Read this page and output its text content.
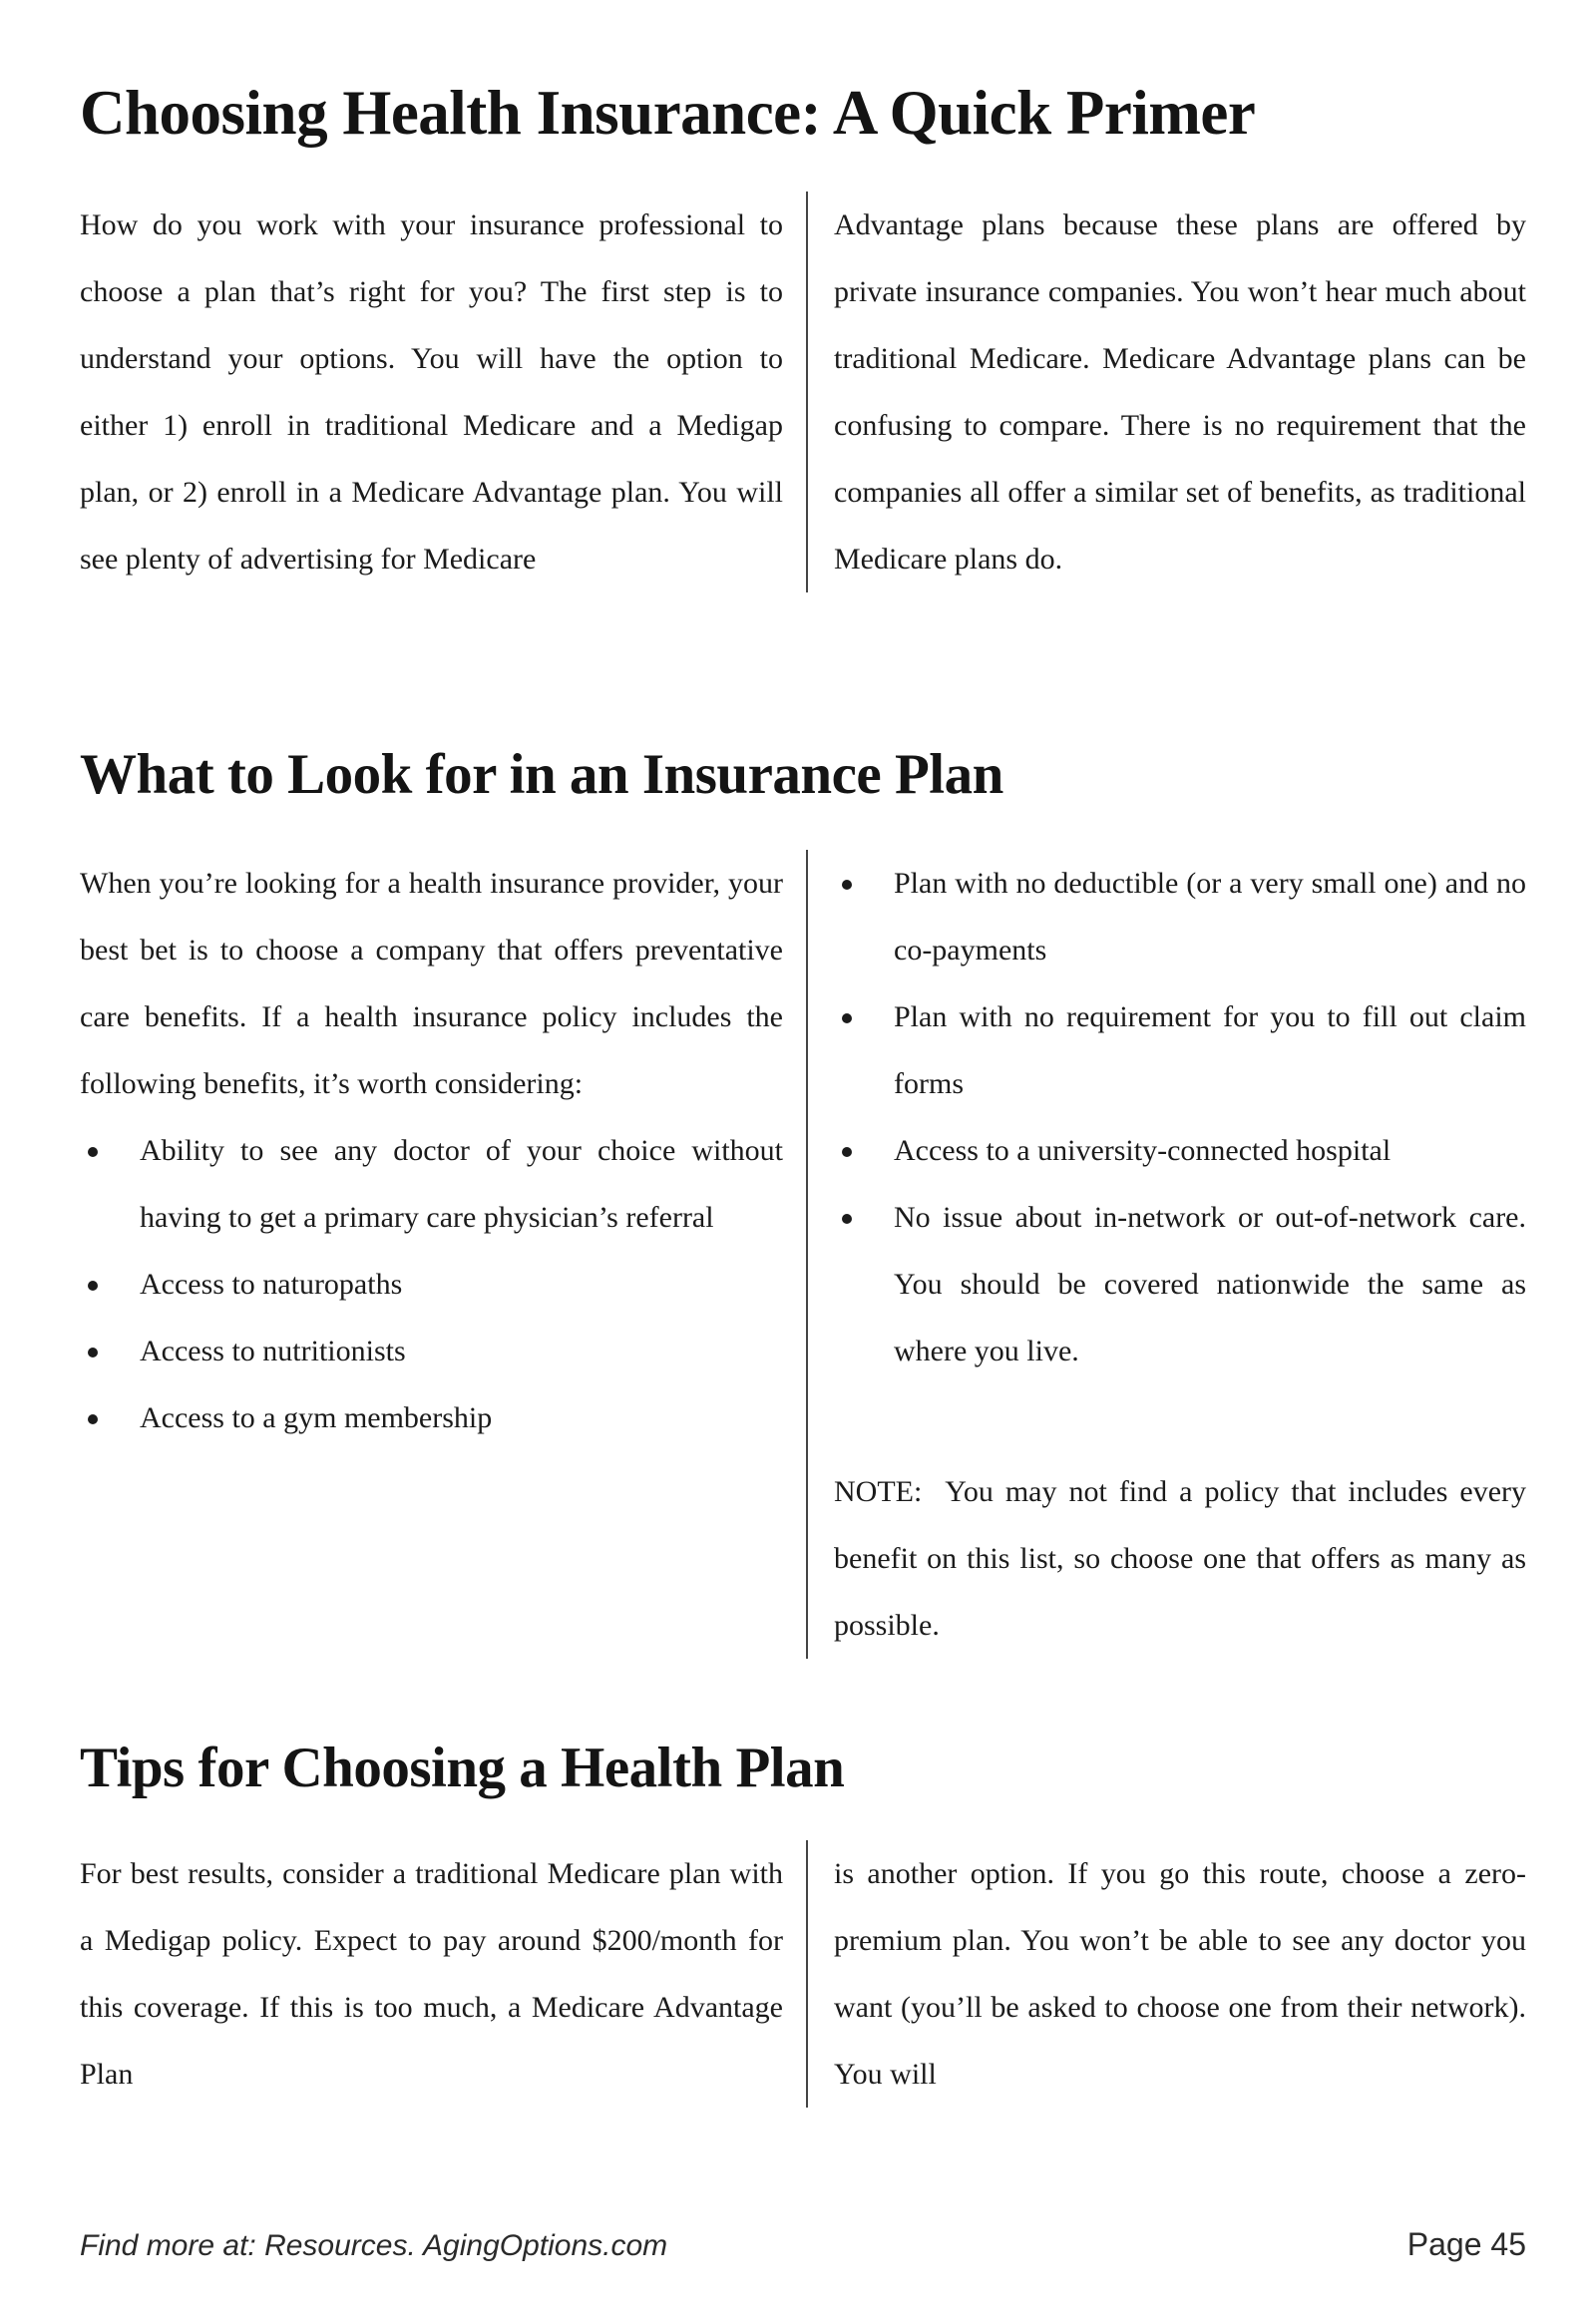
Choosing Health Insurance: A Quick Primer

How do you work with your insurance professional to choose a plan that’s right for you? The first step is to understand your options. You will have the option to either 1) enroll in traditional Medicare and a Medigap plan, or 2) enroll in a Medicare Advantage plan. You will see plenty of advertising for Medicare

Advantage plans because these plans are offered by private insurance companies. You won’t hear much about traditional Medicare. Medicare Advantage plans can be confusing to compare. There is no requirement that the companies all offer a similar set of benefits, as traditional Medicare plans do.

What to Look for in an Insurance Plan

When you’re looking for a health insurance provider, your best bet is to choose a company that offers preventative care benefits. If a health insurance policy includes the following benefits, it’s worth considering:

Ability to see any doctor of your choice without having to get a primary care physician’s referral
Access to naturopaths
Access to nutritionists
Access to a gym membership
Plan with no deductible (or a very small one) and no co-payments
Plan with no requirement for you to fill out claim forms
Access to a university-connected hospital
No issue about in-network or out-of-network care. You should be covered nationwide the same as where you live.

NOTE:  You may not find a policy that includes every benefit on this list, so choose one that offers as many as possible.

Tips for Choosing a Health Plan

For best results, consider a traditional Medicare plan with a Medigap policy. Expect to pay around $200/month for this coverage. If this is too much, a Medicare Advantage Plan

is another option. If you go this route, choose a zero-premium plan. You won’t be able to see any doctor you want (you’ll be asked to choose one from their network). You will

Find more at: Resources. AgingOptions.com	Page 45
